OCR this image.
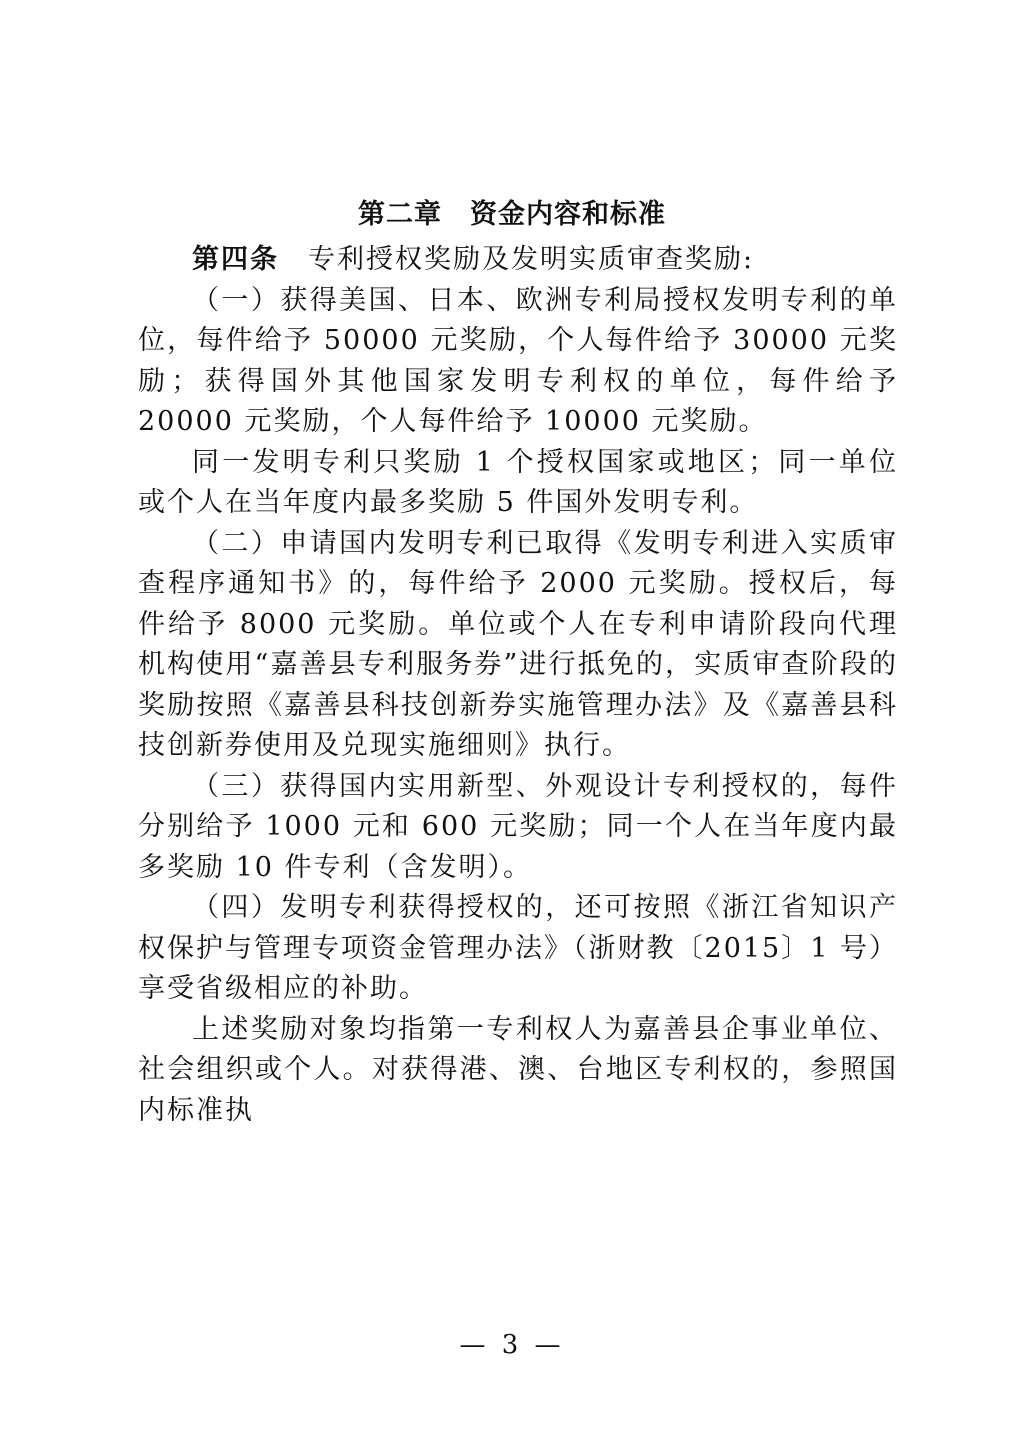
第二章　资金内容和标准

第四条　专利授权奖励及发明实质审查奖励:

（一）获得美国、日本、欧洲专利局授权发明专利的单位，每件给予 50000 元奖励，个人每件给予 30000 元奖励；获得国外其他国家发明专利权的单位，每件给予 20000 元奖励，个人每件给予 10000 元奖励。

同一发明专利只奖励 1 个授权国家或地区；同一单位或个人在当年度内最多奖励 5 件国外发明专利。

（二）申请国内发明专利已取得《发明专利进入实质审查程序通知书》的，每件给予 2000 元奖励。授权后，每件给予 8000 元奖励。单位或个人在专利申请阶段向代理机构使用“嘉善县专利服务券”进行抵免的，实质审查阶段的奖励按照《嘉善县科技创新券实施管理办法》及《嘉善县科技创新券使用及兑现实施细则》执行。

（三）获得国内实用新型、外观设计专利授权的，每件分别给予 1000 元和 600 元奖励；同一个人在当年度内最多奖励 10 件专利（含发明）。

（四）发明专利获得授权的，还可按照《浙江省知识产权保护与管理专项资金管理办法》（浙财教〔2015〕1 号）享受省级相应的补助。

上述奖励对象均指第一专利权人为嘉善县企事业单位、社会组织或个人。对获得港、澳、台地区专利权的，参照国内标准执

— 3 —
